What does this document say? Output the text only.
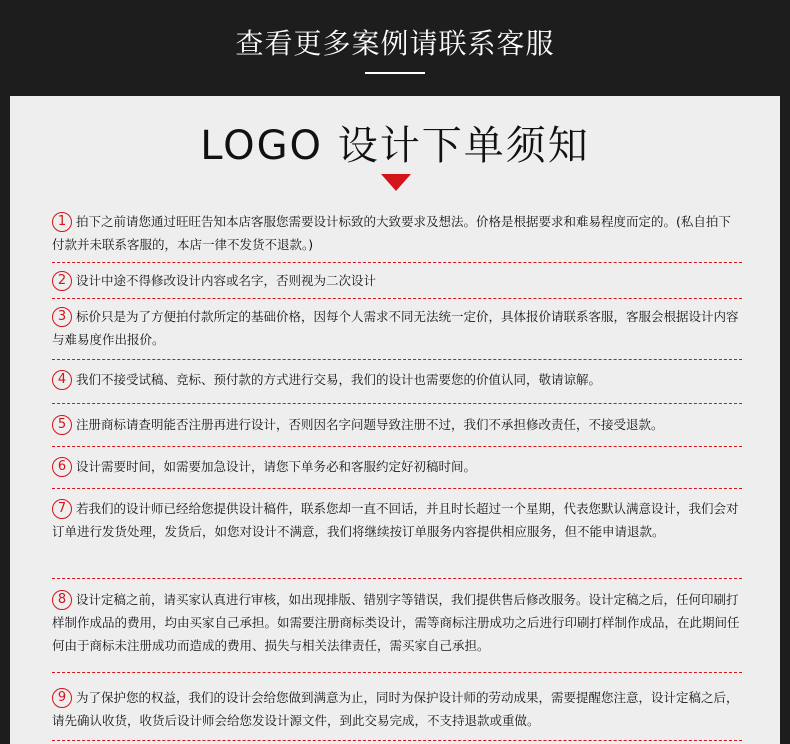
查看更多案例请联系客服
LOGO 设计下单须知
1 拍下之前请您通过旺旺告知本店客服您需要设计标致的大致要求及想法。价格是根据要求和难易程度而定的。(私自拍下付款并未联系客服的，本店一律不发货不退款。)
2 设计中途不得修改设计内容或名字，否则视为二次设计
3 标价只是为了方便拍付款所定的基础价格，因每个人需求不同无法统一定价，具体报价请联系客服，客服会根据设计内容与难易度作出报价。
4 我们不接受试稿、竞标、预付款的方式进行交易，我们的设计也需要您的价值认同，敬请谅解。
5 注册商标请查明能否注册再进行设计，否则因名字问题导致注册不过，我们不承担修改责任，不接受退款。
6 设计需要时间，如需要加急设计，请您下单务必和客服约定好初稿时间。
7 若我们的设计师已经给您提供设计稿件，联系您却一直不回话，并且时长超过一个星期，代表您默认满意设计，我们会对订单进行发货处理，发货后，如您对设计不满意，我们将继续按订单服务内容提供相应服务，但不能申请退款。
8 设计定稿之前，请买家认真进行审核，如出现排版、错别字等错误，我们提供售后修改服务。设计定稿之后，任何印刷打样制作成品的费用，均由买家自己承担。如需要注册商标类设计，需等商标注册成功之后进行印刷打样制作成品，在此期间任何由于商标未注册成功而造成的费用、损失与相关法律责任，需买家自己承担。
9 为了保护您的权益，我们的设计会给您做到满意为止，同时为保护设计师的劳动成果，需要提醒您注意，设计定稿之后，请先确认收货，收货后设计师会给您发设计源文件，到此交易完成，不支持退款或重做。
